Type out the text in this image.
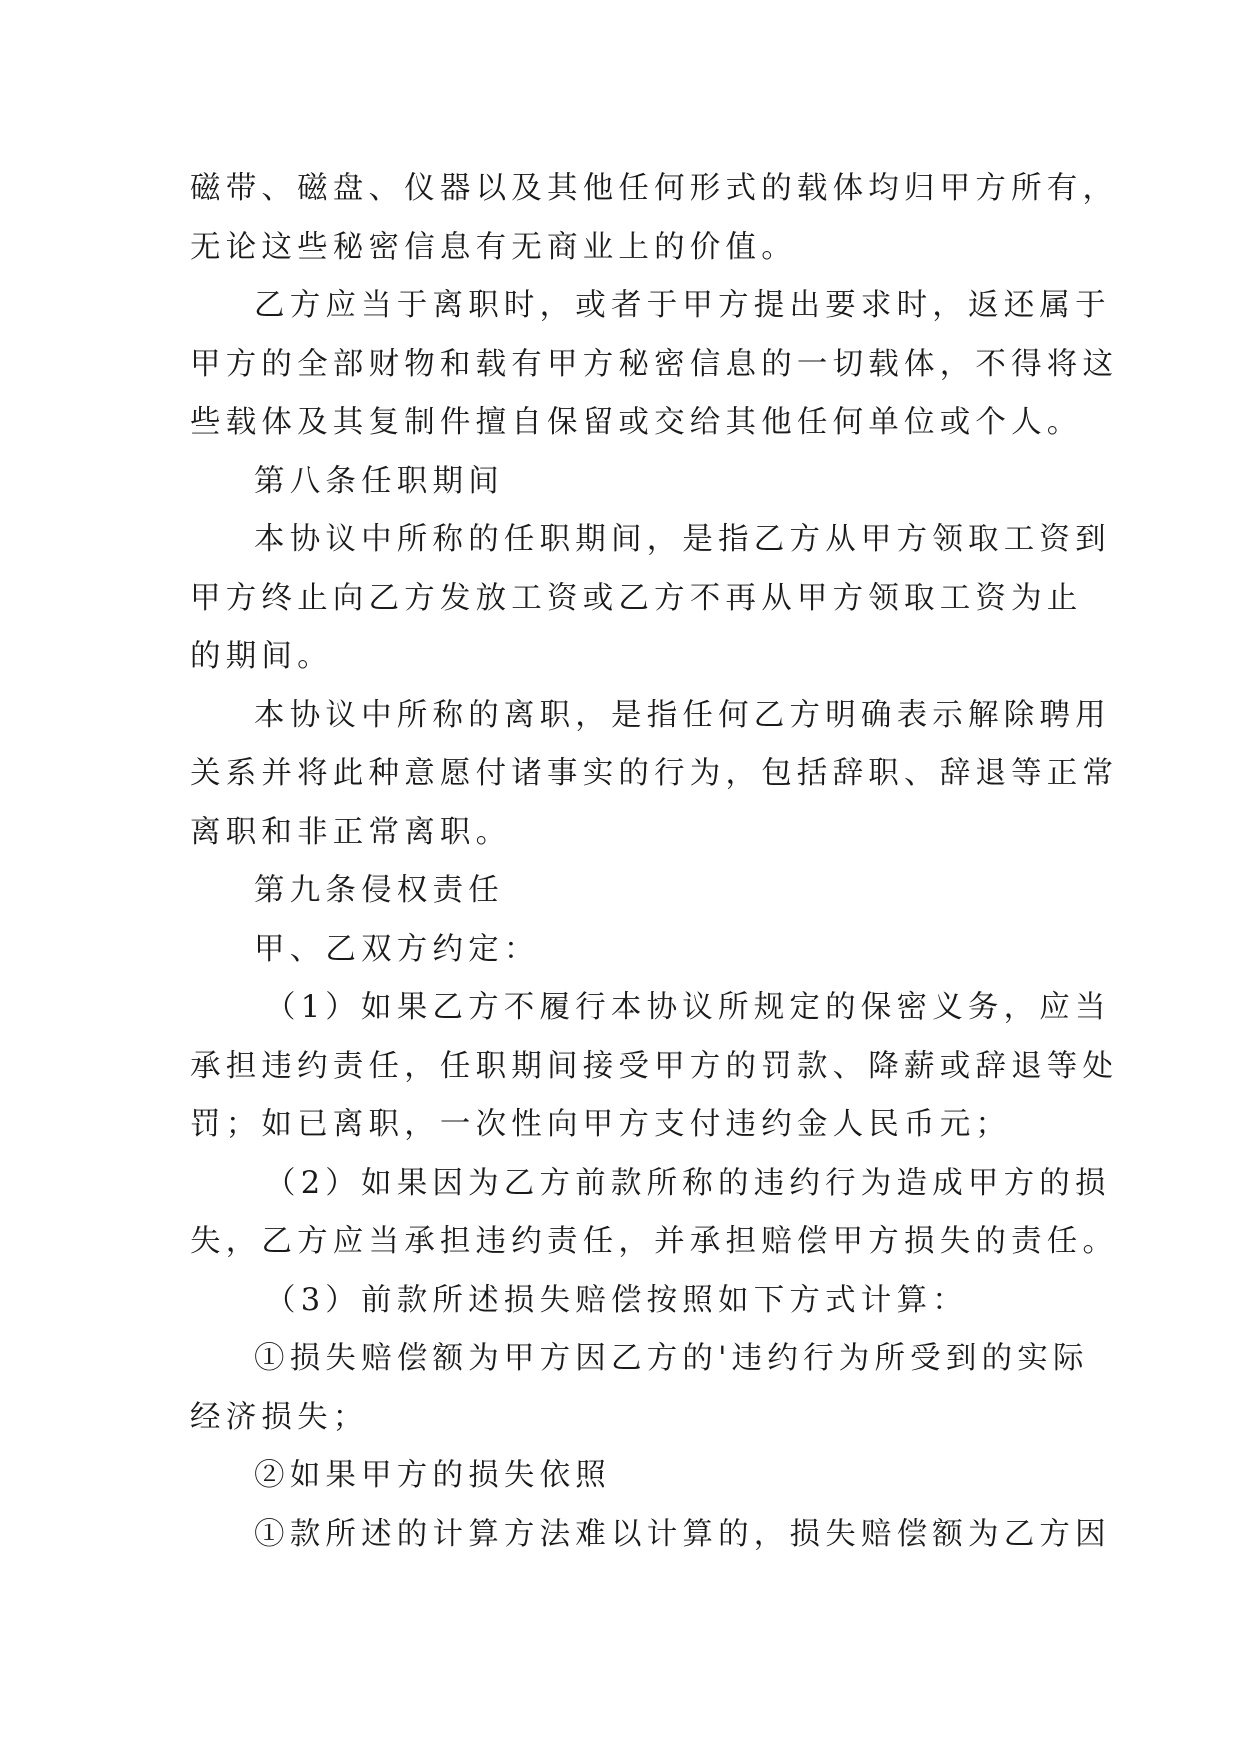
磁带、磁盘、仪器以及其他任何形式的载体均归甲方所有，

无论这些秘密信息有无商业上的价值。

乙方应当于离职时，或者于甲方提出要求时，返还属于

甲方的全部财物和载有甲方秘密信息的一切载体，不得将这

些载体及其复制件擅自保留或交给其他任何单位或个人。

第八条任职期间

本协议中所称的任职期间，是指乙方从甲方领取工资到

甲方终止向乙方发放工资或乙方不再从甲方领取工资为止

的期间。

本协议中所称的离职，是指任何乙方明确表示解除聘用

关系并将此种意愿付诸事实的行为，包括辞职、辞退等正常

离职和非正常离职。

第九条侵权责任

甲、乙双方约定：

（1）如果乙方不履行本协议所规定的保密义务，应当

承担违约责任，任职期间接受甲方的罚款、降薪或辞退等处

罚；如已离职，一次性向甲方支付违约金人民币元；

（2）如果因为乙方前款所称的违约行为造成甲方的损

失，乙方应当承担违约责任，并承担赔偿甲方损失的责任。

（3）前款所述损失赔偿按照如下方式计算：

①损失赔偿额为甲方因乙方的'违约行为所受到的实际

经济损失；

②如果甲方的损失依照

①款所述的计算方法难以计算的，损失赔偿额为乙方因
